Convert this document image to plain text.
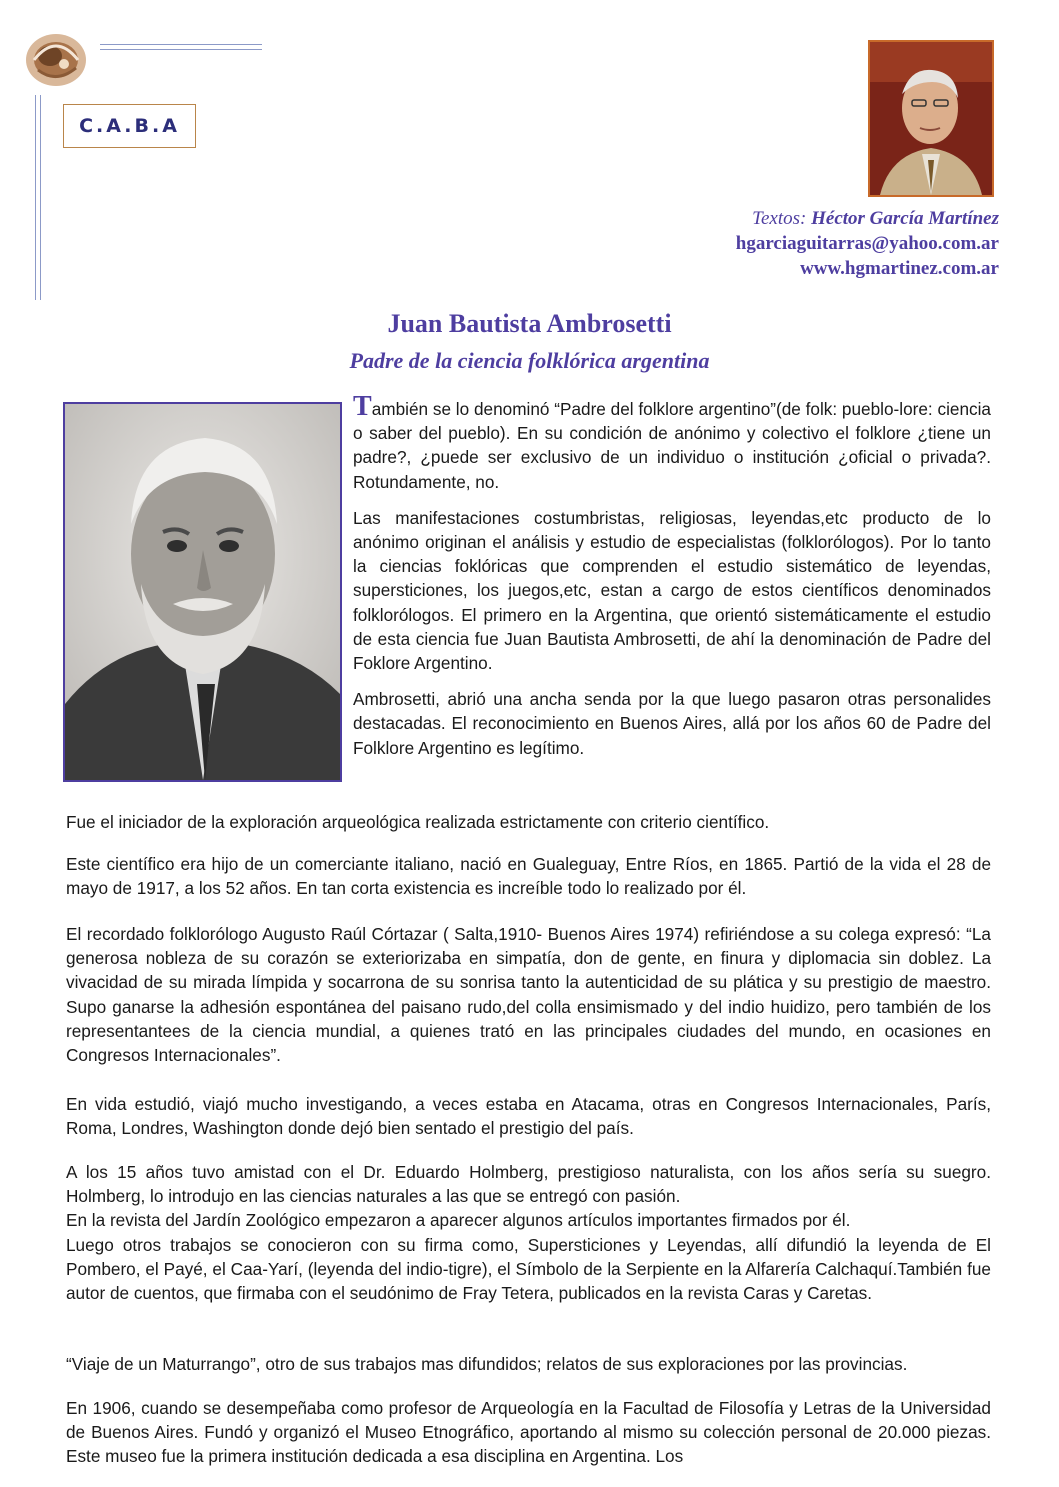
C.A.B.A
Textos: Héctor García Martínez
hgarciaguitarras@yahoo.com.ar
www.hgmartinez.com.ar
Juan Bautista Ambrosetti
Padre de la ciencia folklórica argentina

También se lo denominó “Padre del folklore argentino”(de folk: pueblo-lore: ciencia o saber del pueblo). En su condición de anónimo y colectivo el folklore ¿tiene un padre?, ¿puede ser exclusivo de un individuo o institución ¿oficial o privada?. Rotundamente, no.

Las manifestaciones costumbristas, religiosas, leyendas,etc producto de lo anónimo originan el análisis y estudio de especialistas (folklorólogos). Por lo tanto la ciencias foklóricas que comprenden el estudio sistemático de leyendas, supersticiones, los juegos,etc, estan a cargo de estos científicos denominados folklorólogos. El primero en la Argentina, que orientó sistemáticamente el estudio de esta ciencia fue Juan Bautista Ambrosetti, de ahí la denominación de Padre del Foklore Argentino.

Ambrosetti, abrió una ancha senda por la que luego pasaron otras personalides destacadas. El reconocimiento en Buenos Aires, allá por los años 60 de Padre del Folklore Argentino es legítimo.

Fue el iniciador de la exploración arqueológica realizada estrictamente con criterio científico.

Este científico era hijo de un comerciante italiano, nació en Gualeguay, Entre Ríos, en 1865. Partió de la vida el 28 de mayo de 1917, a los 52 años. En tan corta existencia es increíble todo lo realizado por él.

El recordado folklorólogo Augusto Raúl Córtazar ( Salta,1910- Buenos Aires 1974) refiriéndose a su colega expresó: “La generosa nobleza de su corazón se exteriorizaba en simpatía, don de gente, en finura y diplomacia sin doblez. La vivacidad de su mirada límpida y socarrona de su sonrisa tanto la autenticidad de su plática y su prestigio de maestro. Supo ganarse la adhesión espontánea del paisano rudo,del colla ensimismado y del indio huidizo, pero también de los representantees de la ciencia mundial, a quienes trató en las principales ciudades del mundo, en ocasiones en Congresos Internacionales”.

En vida estudió, viajó mucho investigando, a veces estaba en Atacama, otras en Congresos Internacionales, París, Roma, Londres, Washington donde dejó bien sentado el prestigio del país.

A los 15 años tuvo amistad con el Dr. Eduardo Holmberg, prestigioso naturalista, con los años sería su suegro. Holmberg, lo introdujo en las ciencias naturales a las que se entregó con pasión.

En la revista del Jardín Zoológico empezaron a aparecer algunos artículos importantes firmados por él.

Luego otros trabajos se conocieron con su firma como, Supersticiones y Leyendas, allí difundió la leyenda de El Pombero, el Payé, el Caa-Yarí, (leyenda del indio-tigre), el Símbolo de la Serpiente en la Alfarería Calchaquí.También fue autor de cuentos, que firmaba con el seudónimo de Fray Tetera, publicados en la revista Caras y Caretas.

“Viaje de un Maturrango”, otro de sus trabajos mas difundidos; relatos de sus exploraciones por las provincias.

En 1906, cuando se desempeñaba como profesor de Arqueología en la Facultad de Filosofía y Letras de la Universidad de Buenos Aires. Fundó y organizó el Museo Etnográfico, aportando al mismo su colección personal de 20.000 piezas. Este museo fue la primera institución dedicada a esa disciplina en Argentina. Los
